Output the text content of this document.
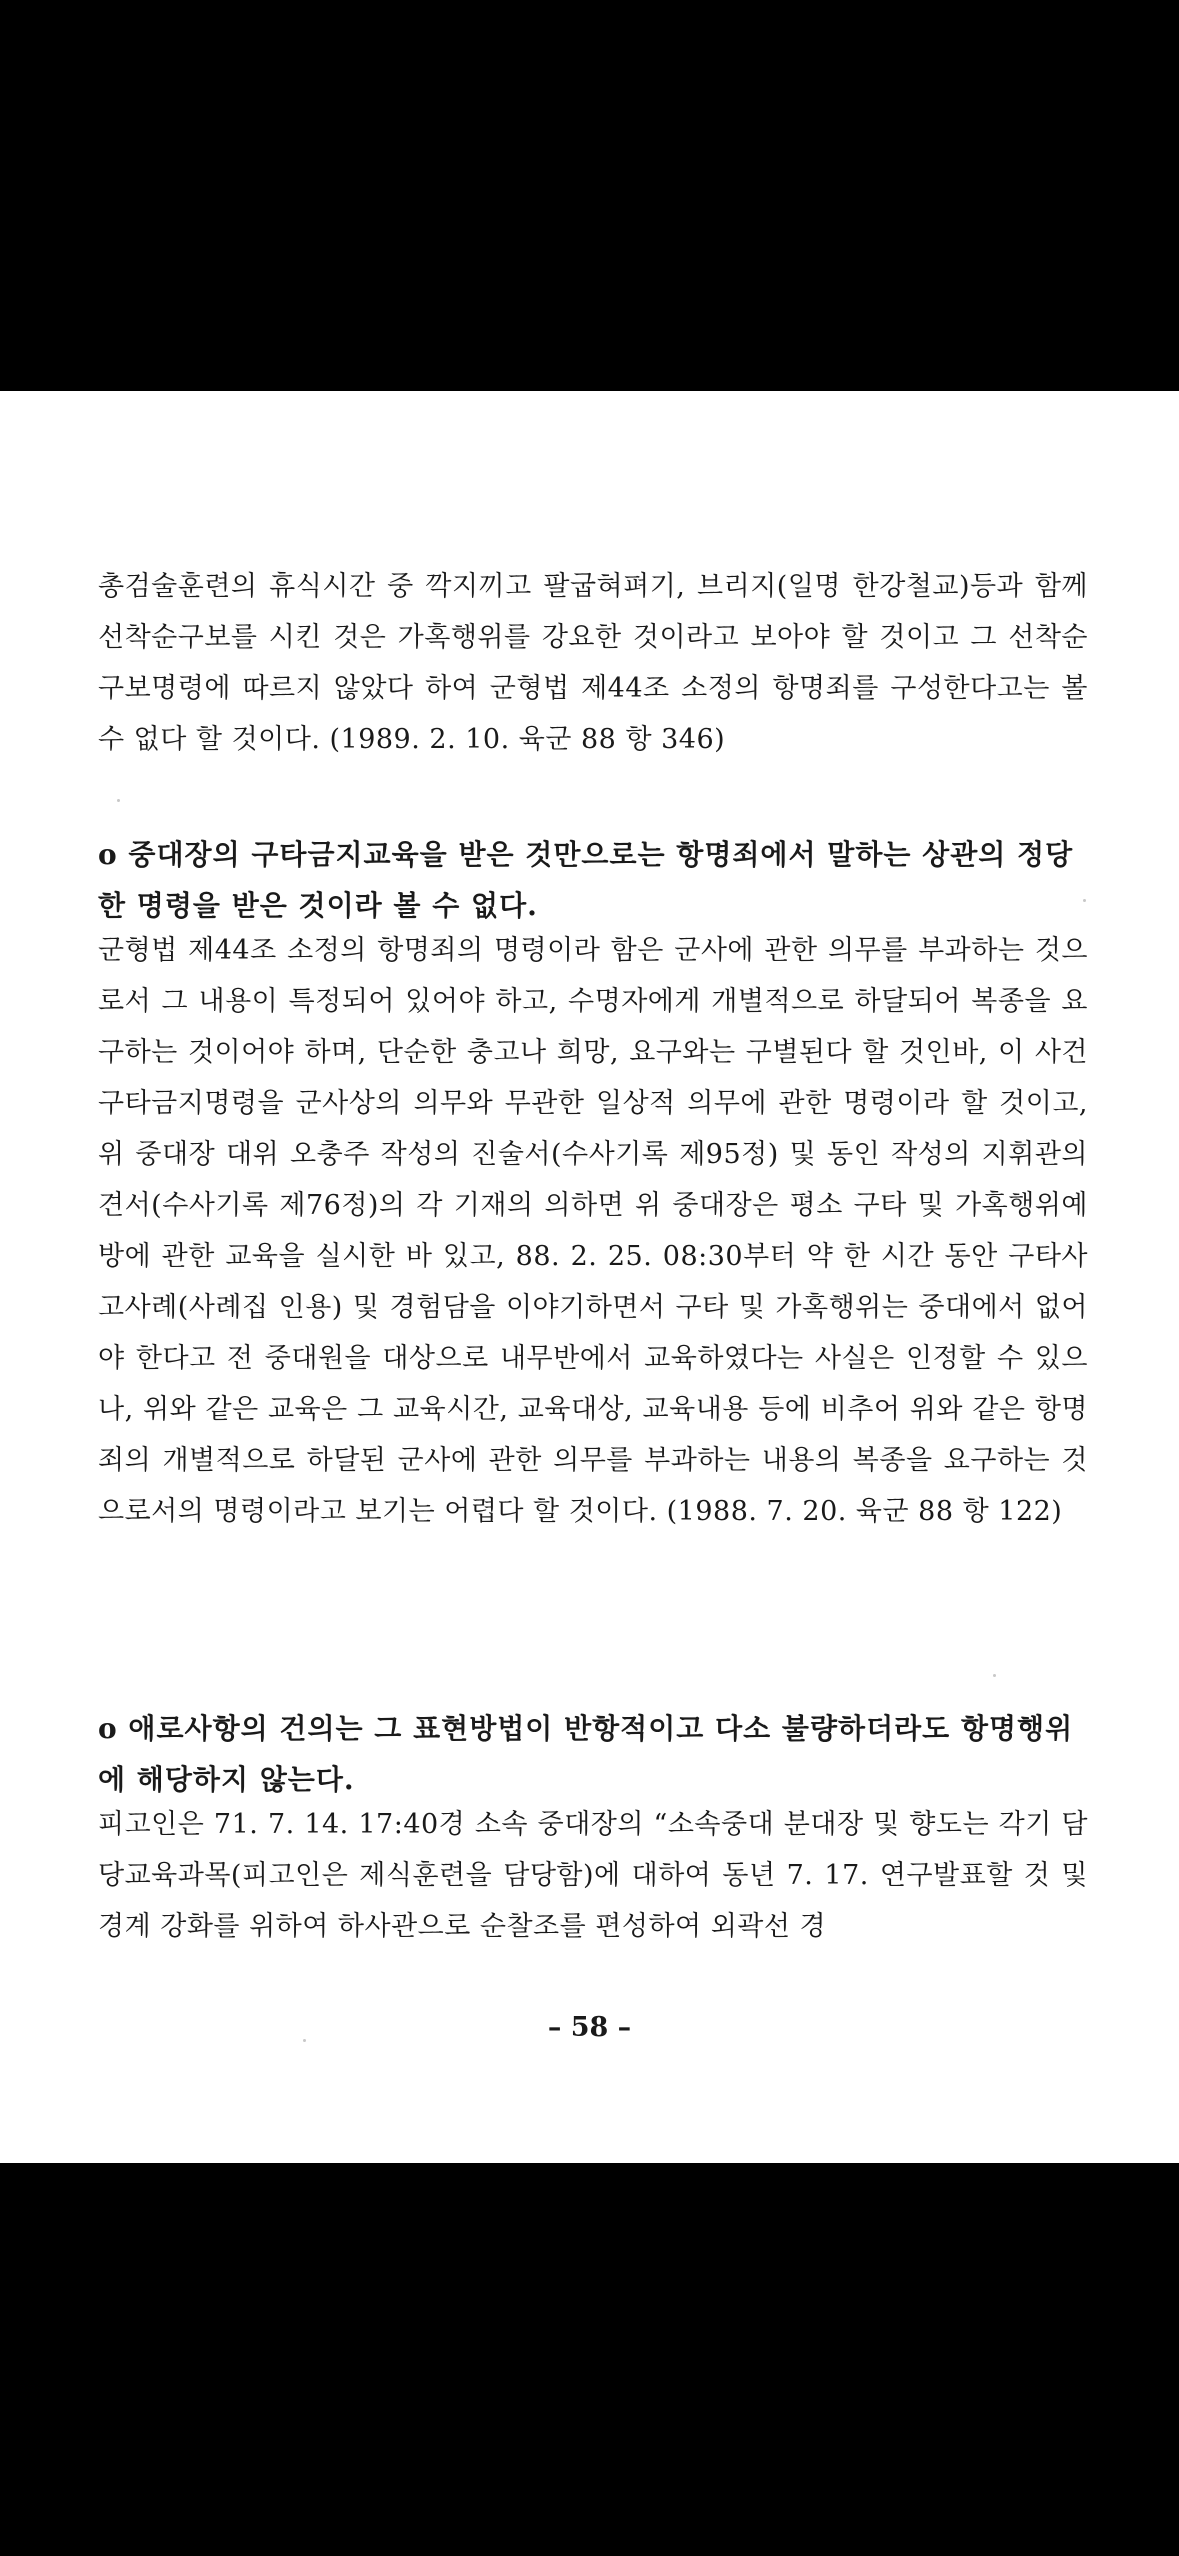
총검술훈련의 휴식시간 중 깍지끼고 팔굽혀펴기, 브리지(일명 한강철교)등과 함께 선착순구보를 시킨 것은 가혹행위를 강요한 것이라고 보아야 할 것이고 그 선착순구보명령에 따르지 않았다 하여 군형법 제44조 소정의 항명죄를 구성한다고는 볼 수 없다 할 것이다. (1989. 2. 10. 육군 88 항 346)

o 중대장의 구타금지교육을 받은 것만으로는 항명죄에서 말하는 상관의 정당한 명령을 받은 것이라 볼 수 없다.

군형법 제44조 소정의 항명죄의 명령이라 함은 군사에 관한 의무를 부과하는 것으로서 그 내용이 특정되어 있어야 하고, 수명자에게 개별적으로 하달되어 복종을 요구하는 것이어야 하며, 단순한 충고나 희망, 요구와는 구별된다 할 것인바, 이 사건 구타금지명령을 군사상의 의무와 무관한 일상적 의무에 관한 명령이라 할 것이고, 위 중대장 대위 오충주 작성의 진술서(수사기록 제95정) 및 동인 작성의 지휘관의견서(수사기록 제76정)의 각 기재의 의하면 위 중대장은 평소 구타 및 가혹행위예방에 관한 교육을 실시한 바 있고, 88. 2. 25. 08:30부터 약 한 시간 동안 구타사고사례(사례집 인용) 및 경험담을 이야기하면서 구타 및 가혹행위는 중대에서 없어야 한다고 전 중대원을 대상으로 내무반에서 교육하였다는 사실은 인정할 수 있으나, 위와 같은 교육은 그 교육시간, 교육대상, 교육내용 등에 비추어 위와 같은 항명죄의 개별적으로 하달된 군사에 관한 의무를 부과하는 내용의 복종을 요구하는 것으로서의 명령이라고 보기는 어렵다 할 것이다. (1988. 7. 20. 육군 88 항 122)

o 애로사항의 건의는 그 표현방법이 반항적이고 다소 불량하더라도 항명행위에 해당하지 않는다.

피고인은 71. 7. 14. 17:40경 소속 중대장의 “소속중대 분대장 및 향도는 각기 담당교육과목(피고인은 제식훈련을 담당함)에 대하여 동년 7. 17. 연구발표할 것 및 경계 강화를 위하여 하사관으로 순찰조를 편성하여 외곽선 경

– 58 –
